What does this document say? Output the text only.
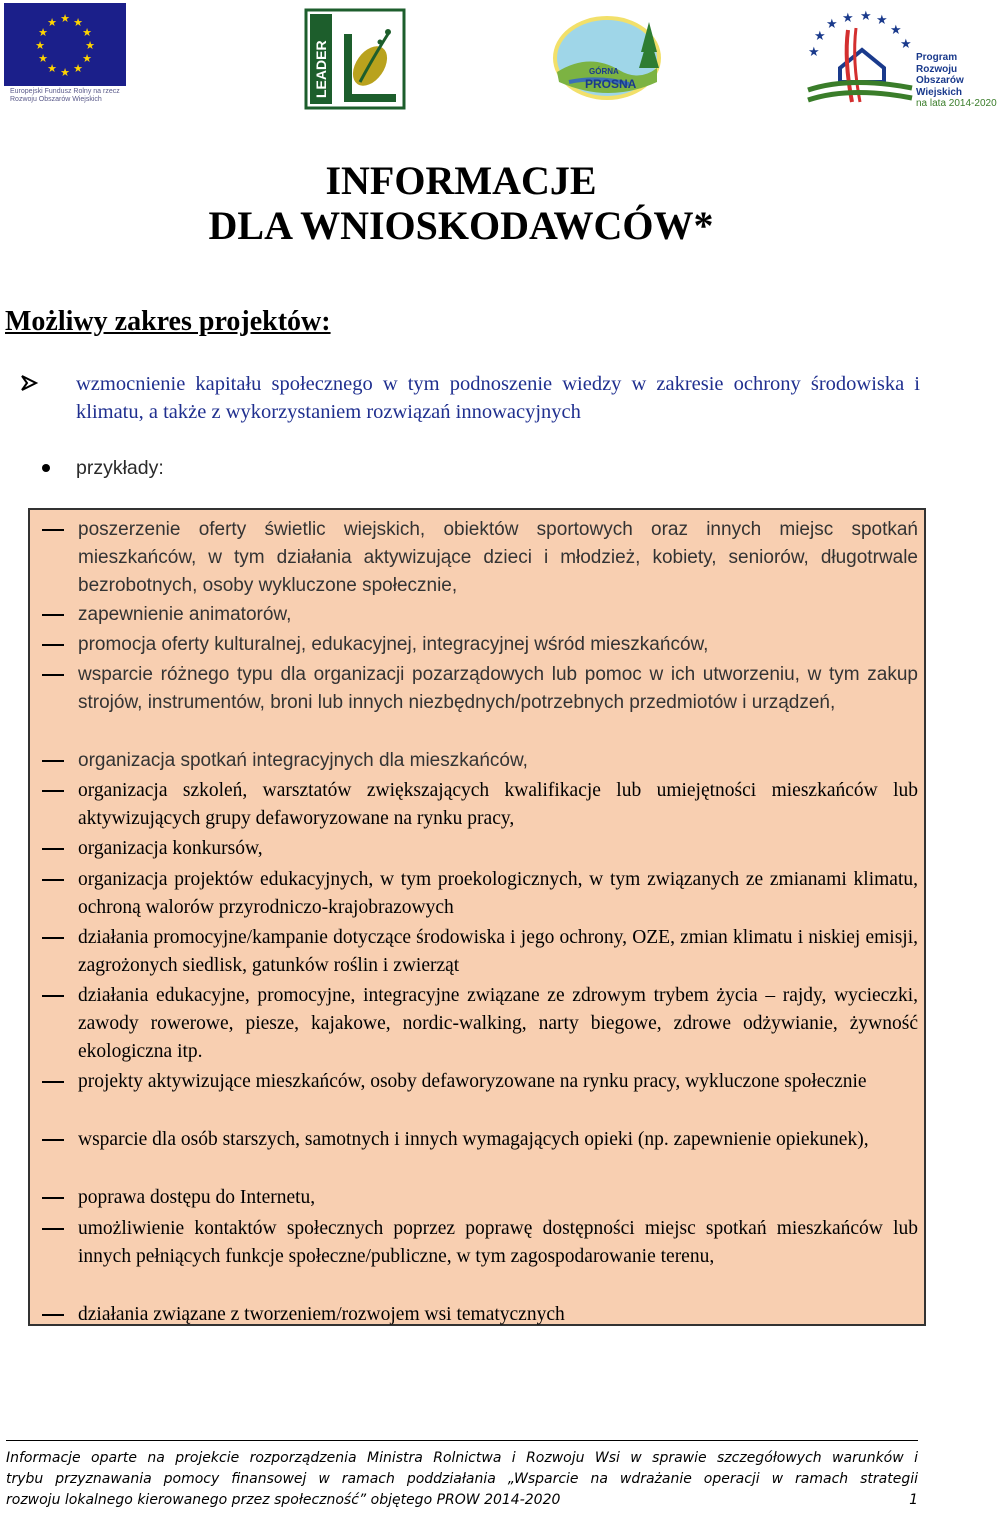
★ ★
★
★
★
★
★
★
★
★
★
★
Europejski Fundusz Rolny na rzecz
Rozwoju Obszarów Wiejskich
LEADER	GÓRNA
PROSNA
★
★
★ ★ ★ ★
★
★
Program
Rozwoju
Obszarów
Wiejskich
na lata 2014-2020
INFORMACJE
DLA WNIOSKODAWCÓW*
Możliwy zakres projektów:
wzmocnienie kapitału społecznego w tym podnoszenie wiedzy w zakresie ochrony środowiska i klimatu, a także z wykorzystaniem rozwiązań innowacyjnych
przykłady:
poszerzenie oferty świetlic wiejskich, obiektów sportowych oraz innych miejsc spotkań mieszkańców, w tym działania aktywizujące dzieci i młodzież, kobiety, seniorów, długotrwale bezrobotnych, osoby wykluczone społecznie,
zapewnienie animatorów,
promocja oferty kulturalnej, edukacyjnej, integracyjnej wśród mieszkańców,
wsparcie różnego typu dla organizacji pozarządowych lub pomoc w ich utworzeniu, w tym zakup strojów, instrumentów, broni lub innych niezbędnych/potrzebnych przedmiotów i urządzeń,
organizacja spotkań integracyjnych dla mieszkańców,
organizacja szkoleń, warsztatów zwiększających kwalifikacje lub umiejętności mieszkańców lub aktywizujących grupy defaworyzowane na rynku pracy,
organizacja konkursów,
organizacja projektów edukacyjnych, w tym proekologicznych, w tym związanych ze zmianami klimatu, ochroną walorów przyrodniczo-krajobrazowych
działania promocyjne/kampanie dotyczące środowiska i jego ochrony, OZE, zmian klimatu i niskiej emisji, zagrożonych siedlisk, gatunków roślin i zwierząt
działania edukacyjne, promocyjne, integracyjne związane ze zdrowym trybem życia – rajdy, wycieczki, zawody rowerowe, piesze, kajakowe, nordic-walking, narty biegowe, zdrowe odżywianie, żywność ekologiczna itp.
projekty aktywizujące mieszkańców, osoby defaworyzowane na rynku pracy, wykluczone społecznie
wsparcie dla osób starszych, samotnych i innych wymagających opieki (np. zapewnienie opiekunek),
poprawa dostępu do Internetu,
umożliwienie kontaktów społecznych poprzez poprawę dostępności miejsc spotkań mieszkańców lub innych pełniących funkcje społeczne/publiczne, w tym zagospodarowanie terenu,
działania związane z tworzeniem/rozwojem wsi tematycznych
Informacje oparte na projekcie rozporządzenia Ministra Rolnictwa i Rozwoju Wsi w sprawie szczegółowych warunków i
trybu przyznawania pomocy finansowej w ramach poddziałania „Wsparcie na wdrażanie operacji w ramach strategii
rozwoju lokalnego kierowanego przez społeczność” objętego PROW 2014-2020	1
